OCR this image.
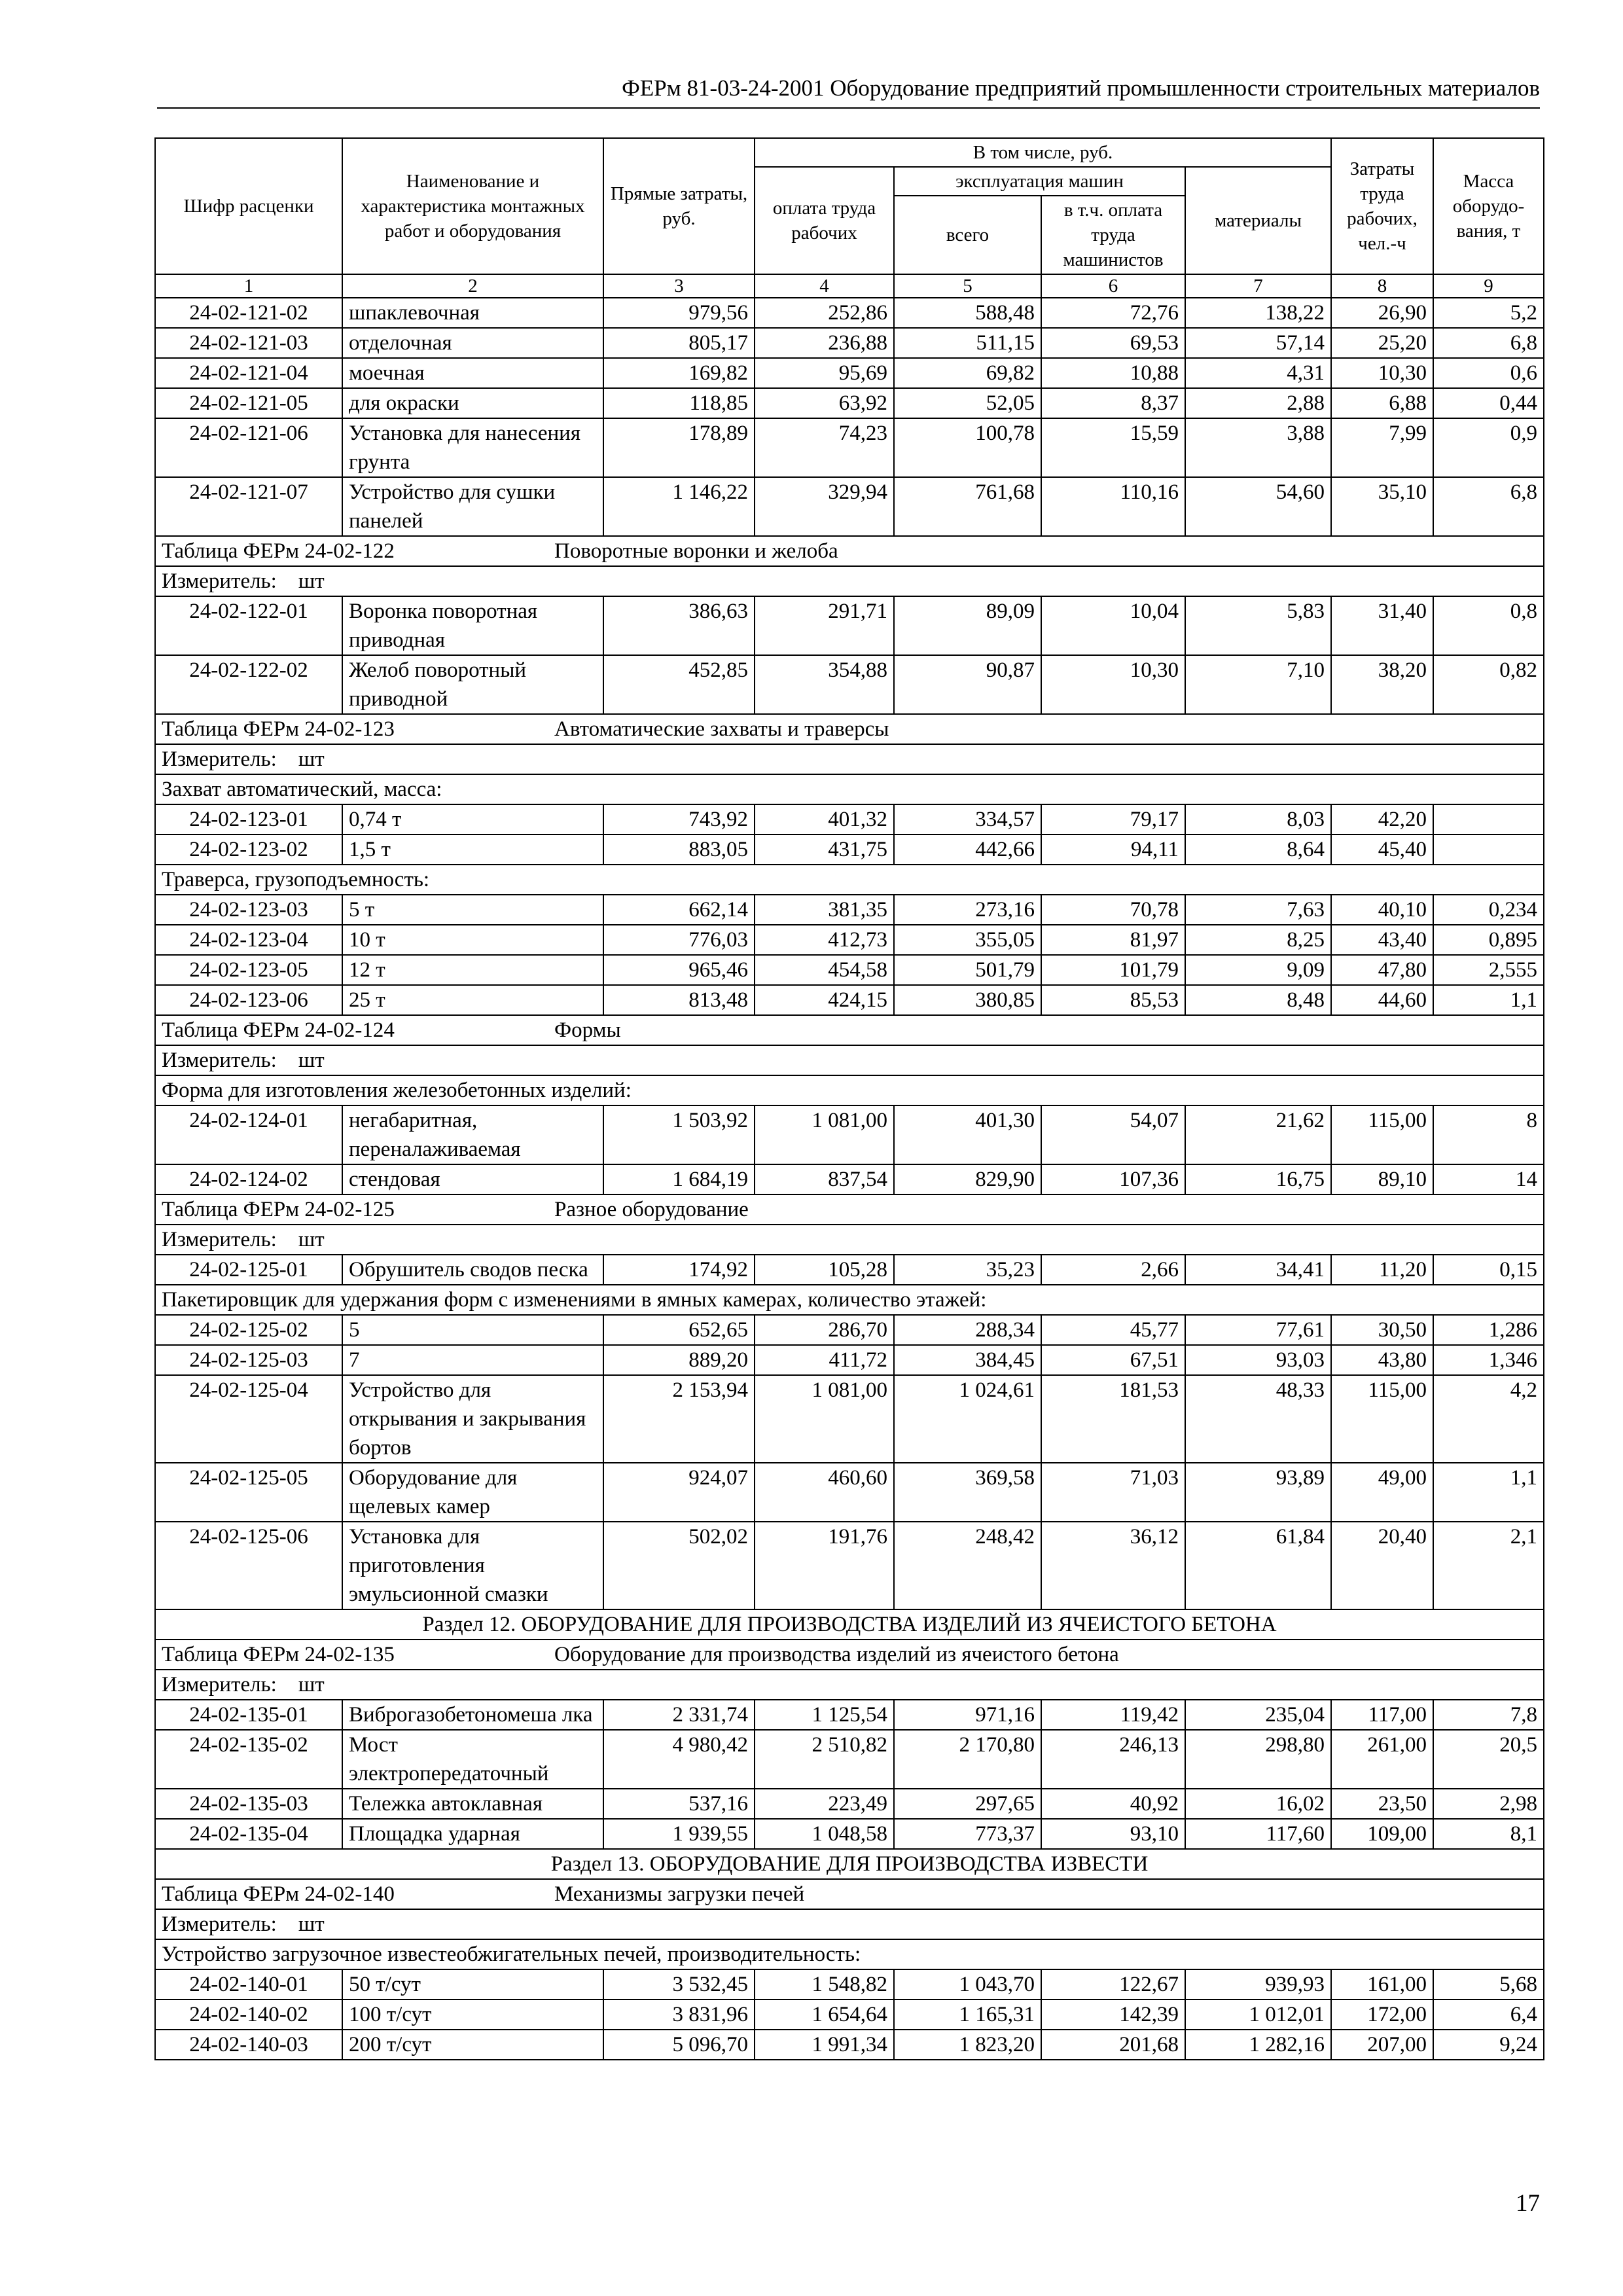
ФЕРм 81-03-24-2001 Оборудование предприятий промышленности строительных материалов
Шифр расценки	Наименование и характеристика монтажных работ и оборудования	Прямые затраты, руб.	В том числе, руб.				Затраты труда рабочих, чел.-ч	Масса оборудо-вания, т
			оплата труда рабочих	эксплуатация машин		материалы		
				всего	в т.ч. оплата труда машинистов			
1	2	3	4	5	6	7	8	9
24-02-121-02	шпаклевочная	979,56	252,86	588,48	72,76	138,22	26,90	5,2
24-02-121-03	отделочная	805,17	236,88	511,15	69,53	57,14	25,20	6,8
24-02-121-04	моечная	169,82	95,69	69,82	10,88	4,31	10,30	0,6
24-02-121-05	для окраски	118,85	63,92	52,05	8,37	2,88	6,88	0,44
24-02-121-06	Установка для нанесения грунта	178,89	74,23	100,78	15,59	3,88	7,99	0,9
24-02-121-07	Устройство для сушки панелей	1 146,22	329,94	761,68	110,16	54,60	35,10	6,8
Таблица ФЕРм 24-02-122 Поворотные воронки и желоба								
Измеритель:    шт								
24-02-122-01	Воронка поворотная приводная	386,63	291,71	89,09	10,04	5,83	31,40	0,8
24-02-122-02	Желоб поворотный приводной	452,85	354,88	90,87	10,30	7,10	38,20	0,82
Таблица ФЕРм 24-02-123 Автоматические захваты и траверсы								
Измеритель:    шт								
Захват автоматический, масса:								
24-02-123-01	0,74 т	743,92	401,32	334,57	79,17	8,03	42,20	
24-02-123-02	1,5 т	883,05	431,75	442,66	94,11	8,64	45,40	
Траверса, грузоподъемность:								
24-02-123-03	5 т	662,14	381,35	273,16	70,78	7,63	40,10	0,234
24-02-123-04	10 т	776,03	412,73	355,05	81,97	8,25	43,40	0,895
24-02-123-05	12 т	965,46	454,58	501,79	101,79	9,09	47,80	2,555
24-02-123-06	25 т	813,48	424,15	380,85	85,53	8,48	44,60	1,1
Таблица ФЕРм 24-02-124 Формы								
Измеритель:    шт								
Форма для изготовления железобетонных изделий:								
24-02-124-01	негабаритная, переналаживаемая	1 503,92	1 081,00	401,30	54,07	21,62	115,00	8
24-02-124-02	стендовая	1 684,19	837,54	829,90	107,36	16,75	89,10	14
Таблица ФЕРм 24-02-125 Разное оборудование								
Измеритель:    шт								
24-02-125-01	Обрушитель сводов песка	174,92	105,28	35,23	2,66	34,41	11,20	0,15
Пакетировщик для удержания форм с изменениями в ямных камерах, количество этажей:								
24-02-125-02	5	652,65	286,70	288,34	45,77	77,61	30,50	1,286
24-02-125-03	7	889,20	411,72	384,45	67,51	93,03	43,80	1,346
24-02-125-04	Устройство для открывания и закрывания бортов	2 153,94	1 081,00	1 024,61	181,53	48,33	115,00	4,2
24-02-125-05	Оборудование для щелевых камер	924,07	460,60	369,58	71,03	93,89	49,00	1,1
24-02-125-06	Установка для приготовления эмульсионной смазки	502,02	191,76	248,42	36,12	61,84	20,40	2,1
Раздел 12. ОБОРУДОВАНИЕ ДЛЯ ПРОИЗВОДСТВА ИЗДЕЛИЙ ИЗ ЯЧЕИСТОГО БЕТОНА								
Таблица ФЕРм 24-02-135 Оборудование для производства изделий из ячеистого бетона								
Измеритель:    шт								
24-02-135-01	Виброгазобетономеша лка	2 331,74	1 125,54	971,16	119,42	235,04	117,00	7,8
24-02-135-02	Мост электропередаточный	4 980,42	2 510,82	2 170,80	246,13	298,80	261,00	20,5
24-02-135-03	Тележка автоклавная	537,16	223,49	297,65	40,92	16,02	23,50	2,98
24-02-135-04	Площадка ударная	1 939,55	1 048,58	773,37	93,10	117,60	109,00	8,1
Раздел 13. ОБОРУДОВАНИЕ ДЛЯ ПРОИЗВОДСТВА ИЗВЕСТИ								
Таблица ФЕРм 24-02-140 Механизмы загрузки печей								
Измеритель:    шт								
Устройство загрузочное известеобжигательных печей, производительность:								
24-02-140-01	50 т/сут	3 532,45	1 548,82	1 043,70	122,67	939,93	161,00	5,68
24-02-140-02	100 т/сут	3 831,96	1 654,64	1 165,31	142,39	1 012,01	172,00	6,4
24-02-140-03	200 т/сут	5 096,70	1 991,34	1 823,20	201,68	1 282,16	207,00	9,24
17
